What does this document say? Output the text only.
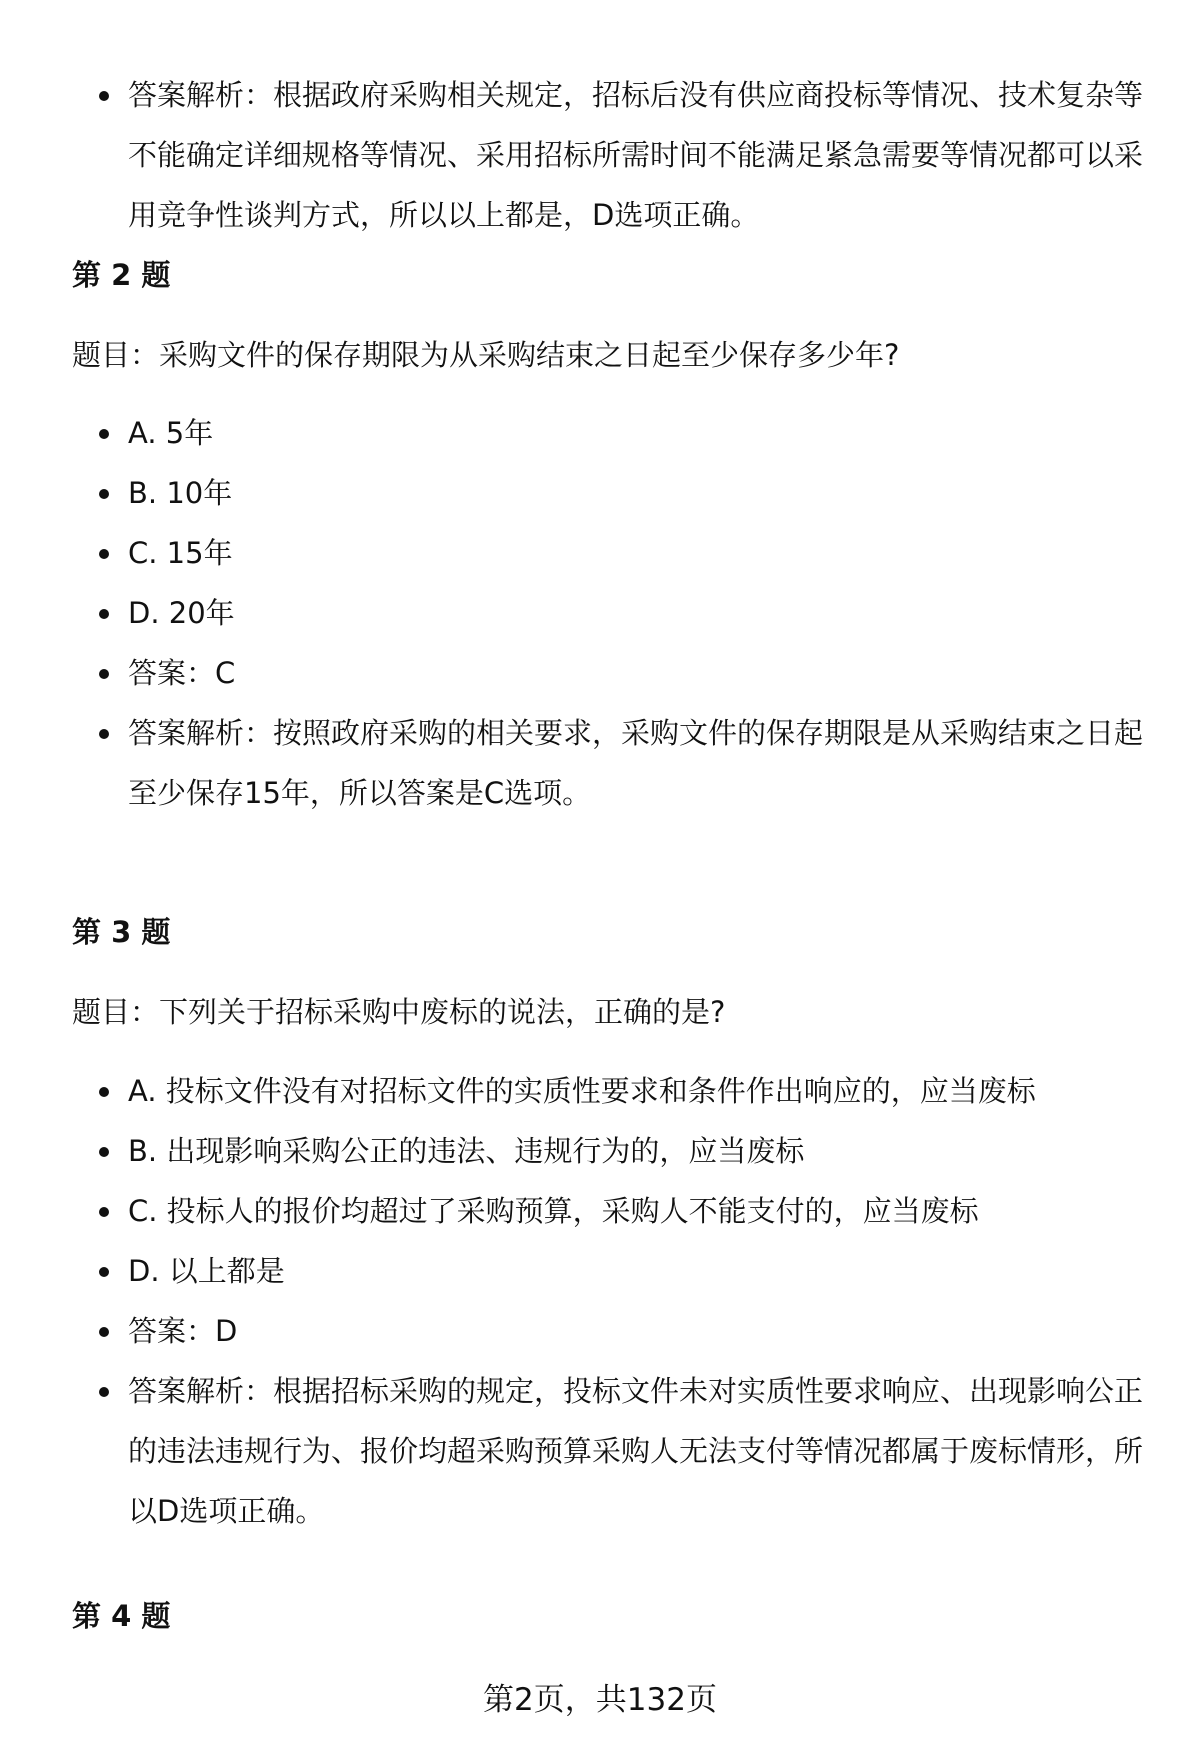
答案解析：根据政府采购相关规定，招标后没有供应商投标等情况、技术复杂等不能确定详细规格等情况、采用招标所需时间不能满足紧急需要等情况都可以采用竞争性谈判方式，所以以上都是，D选项正确。
第 2 题
题目：采购文件的保存期限为从采购结束之日起至少保存多少年?
A. 5年
B. 10年
C. 15年
D. 20年
答案：C
答案解析：按照政府采购的相关要求，采购文件的保存期限是从采购结束之日起至少保存15年，所以答案是C选项。
第 3 题
题目：下列关于招标采购中废标的说法，正确的是?
A. 投标文件没有对招标文件的实质性要求和条件作出响应的，应当废标
B. 出现影响采购公正的违法、违规行为的，应当废标
C. 投标人的报价均超过了采购预算，采购人不能支付的，应当废标
D. 以上都是
答案：D
答案解析：根据招标采购的规定，投标文件未对实质性要求响应、出现影响公正的违法违规行为、报价均超采购预算采购人无法支付等情况都属于废标情形，所以D选项正确。
第 4 题
第2页，共132页
